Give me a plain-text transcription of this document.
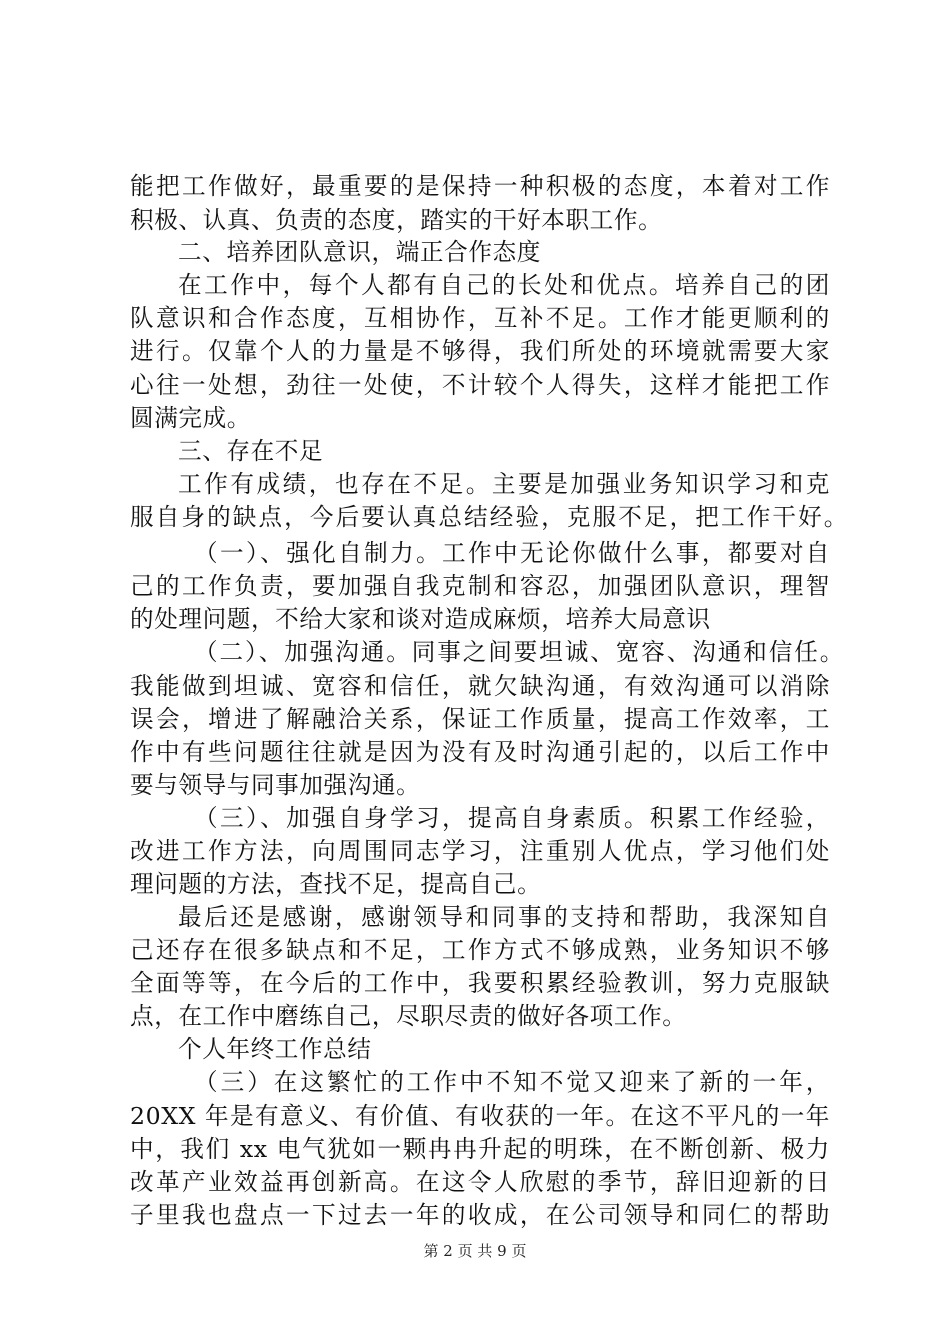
能把工作做好，最重要的是保持一种积极的态度，本着对工作
积极、认真、负责的态度，踏实的干好本职工作。
二、培养团队意识，端正合作态度
在工作中，每个人都有自己的长处和优点。培养自己的团
队意识和合作态度，互相协作，互补不足。工作才能更顺利的
进行。仅靠个人的力量是不够得，我们所处的环境就需要大家
心往一处想，劲往一处使，不计较个人得失，这样才能把工作
圆满完成。
三、存在不足
工作有成绩，也存在不足。主要是加强业务知识学习和克
服自身的缺点，今后要认真总结经验，克服不足，把工作干好。
（一）、强化自制力。工作中无论你做什么事，都要对自
己的工作负责，要加强自我克制和容忍，加强团队意识，理智
的处理问题，不给大家和谈对造成麻烦，培养大局意识
（二）、加强沟通。同事之间要坦诚、宽容、沟通和信任。
我能做到坦诚、宽容和信任，就欠缺沟通，有效沟通可以消除
误会，增进了解融洽关系，保证工作质量，提高工作效率，工
作中有些问题往往就是因为没有及时沟通引起的，以后工作中
要与领导与同事加强沟通。
（三）、加强自身学习，提高自身素质。积累工作经验，
改进工作方法，向周围同志学习，注重别人优点，学习他们处
理问题的方法，查找不足，提高自己。
最后还是感谢，感谢领导和同事的支持和帮助，我深知自
己还存在很多缺点和不足，工作方式不够成熟，业务知识不够
全面等等，在今后的工作中，我要积累经验教训，努力克服缺
点，在工作中磨练自己，尽职尽责的做好各项工作。
个人年终工作总结
（三）在这繁忙的工作中不知不觉又迎来了新的一年，
20XX 年是有意义、有价值、有收获的一年。在这不平凡的一年
中，我们 xx 电气犹如一颗冉冉升起的明珠，在不断创新、极力
改革产业效益再创新高。在这令人欣慰的季节，辞旧迎新的日
子里我也盘点一下过去一年的收成，在公司领导和同仁的帮助
第 2 页 共 9 页
